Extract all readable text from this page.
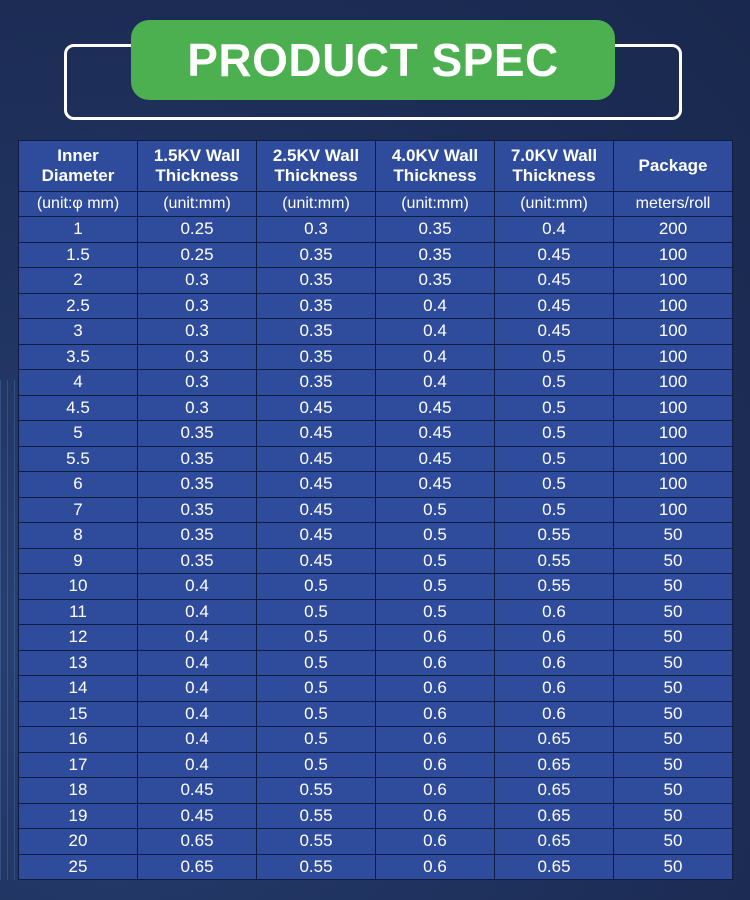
PRODUCT SPEC
Inner Diameter	1.5KV Wall Thickness	2.5KV Wall Thickness	4.0KV Wall Thickness	7.0KV Wall Thickness	Package
(unit:φ mm)	(unit:mm)	(unit:mm)	(unit:mm)	(unit:mm)	meters/roll
1	0.25	0.3	0.35	0.4	200
1.5	0.25	0.35	0.35	0.45	100
2	0.3	0.35	0.35	0.45	100
2.5	0.3	0.35	0.4	0.45	100
3	0.3	0.35	0.4	0.45	100
3.5	0.3	0.35	0.4	0.5	100
4	0.3	0.35	0.4	0.5	100
4.5	0.3	0.45	0.45	0.5	100
5	0.35	0.45	0.45	0.5	100
5.5	0.35	0.45	0.45	0.5	100
6	0.35	0.45	0.45	0.5	100
7	0.35	0.45	0.5	0.5	100
8	0.35	0.45	0.5	0.55	50
9	0.35	0.45	0.5	0.55	50
10	0.4	0.5	0.5	0.55	50
11	0.4	0.5	0.5	0.6	50
12	0.4	0.5	0.6	0.6	50
13	0.4	0.5	0.6	0.6	50
14	0.4	0.5	0.6	0.6	50
15	0.4	0.5	0.6	0.6	50
16	0.4	0.5	0.6	0.65	50
17	0.4	0.5	0.6	0.65	50
18	0.45	0.55	0.6	0.65	50
19	0.45	0.55	0.6	0.65	50
20	0.65	0.55	0.6	0.65	50
25	0.65	0.55	0.6	0.65	50
